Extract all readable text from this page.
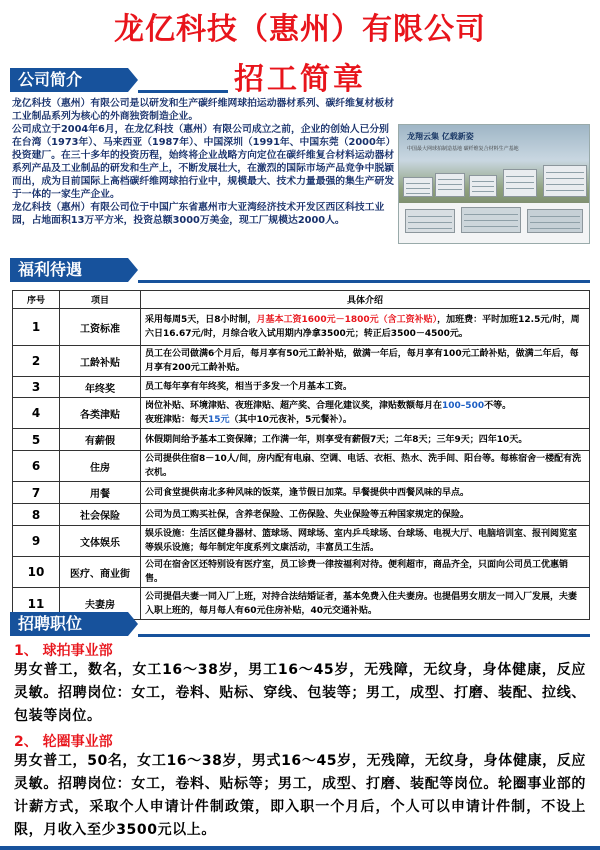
龙亿科技（惠州）有限公司
招工简章
公司简介

龙亿科技（惠州）有限公司是以研发和生产碳纤维网球拍运动器材系列、碳纤维复材板材工业制品系列为核心的外商独资制造企业。

公司成立于2004年6月，在龙亿科技（惠州）有限公司成立之前，企业的创始人已分别在台湾（1973年）、马来西亚（1987年）、中国深圳（1991年、中国东莞（2000年）投资建厂。在三十多年的投资历程，始终将企业战略方向定位在碳纤维复合材料运动器材系列产品及工业制品的研发和生产上，不断发展壮大，在激烈的国际市场产品竞争中脱颖而出，成为目前国际上高档碳纤维网球拍行业中，规模最大、技术力量最强的集生产研发于一体的一家生产企业。

龙亿科技（惠州）有限公司位于中国广东省惠州市大亚湾经济技术开发区西区科技工业园，占地面积13万平方米，投资总额3000万美金，现工厂规模达2000人。

龙翔云集 亿载新姿
中国最大网球拍制造基地 碳纤维复合材料生产基地
福利待遇
序号	项目	具体介绍
1	工资标准	采用每周5天，日8小时制，月基本工资1600元－1800元（含工资补贴），加班费：平时加班12.5元/时，周六日16.67元/时，月综合收入试用期内净拿3500元；转正后3500－4500元。
2	工龄补贴	员工在公司做满6个月后，每月享有50元工龄补贴，做满一年后，每月享有100元工龄补贴，做满二年后，每月享有200元工龄补贴。
3	年终奖	员工每年享有年终奖，相当于多发一个月基本工资。
4	各类津贴	岗位补贴、环境津贴、夜班津贴、超产奖、合理化建议奖，津贴数额每月在100–500不等。
夜班津贴：每天15元（其中10元夜补，5元餐补）。
5	有薪假	休假期间给予基本工资保障；工作满一年，则享受有薪假7天；二年8天；三年9天；四年10天。
6	住房	公司提供住宿8－10人/间，房内配有电扇、空调、电话、衣柜、热水、洗手间、阳台等。每栋宿舍一楼配有洗衣机。
7	用餐	公司食堂提供南北多种风味的饭菜，逢节假日加菜。早餐提供中西餐风味的早点。
8	社会保险	公司为员工购买社保，含养老保险、工伤保险、失业保险等五种国家规定的保险。
9	文体娱乐	娱乐设施：生活区健身器材、篮球场、网球场、室内乒乓球场、台球场、电视大厅、电脑培训室、报刊阅览室等娱乐设施；每年制定年度系列文康活动，丰富员工生活。
10	医疗、商业街	公司在宿舍区还特别设有医疗室，员工诊费一律按福利对待。便利超市，商品齐全，只面向公司员工优惠销售。
11	夫妻房	公司提倡夫妻一同入厂上班，对持合法结婚证者，基本免费入住夫妻房。也提倡男女朋友一同入厂发展，夫妻入职上班的，每月每人有60元住房补贴，40元交通补贴。
招聘职位
1、 球拍事业部
男女普工，数名，女工16～38岁，男工16～45岁，无残障，无纹身，身体健康，反应灵敏。招聘岗位：女工，卷料、贴标、穿线、包装等；男工，成型、打磨、装配、拉线、包装等岗位。
2、 轮圈事业部
男女普工，50名，女工16～38岁，男式16～45岁，无残障，无纹身，身体健康，反应灵敏。招聘岗位：女工，卷料、贴标等；男工，成型、打磨、装配等岗位。轮圈事业部的计薪方式，采取个人申请计件制政策，即入职一个月后，个人可以申请计件制，不设上限，月收入至少3500元以上。
